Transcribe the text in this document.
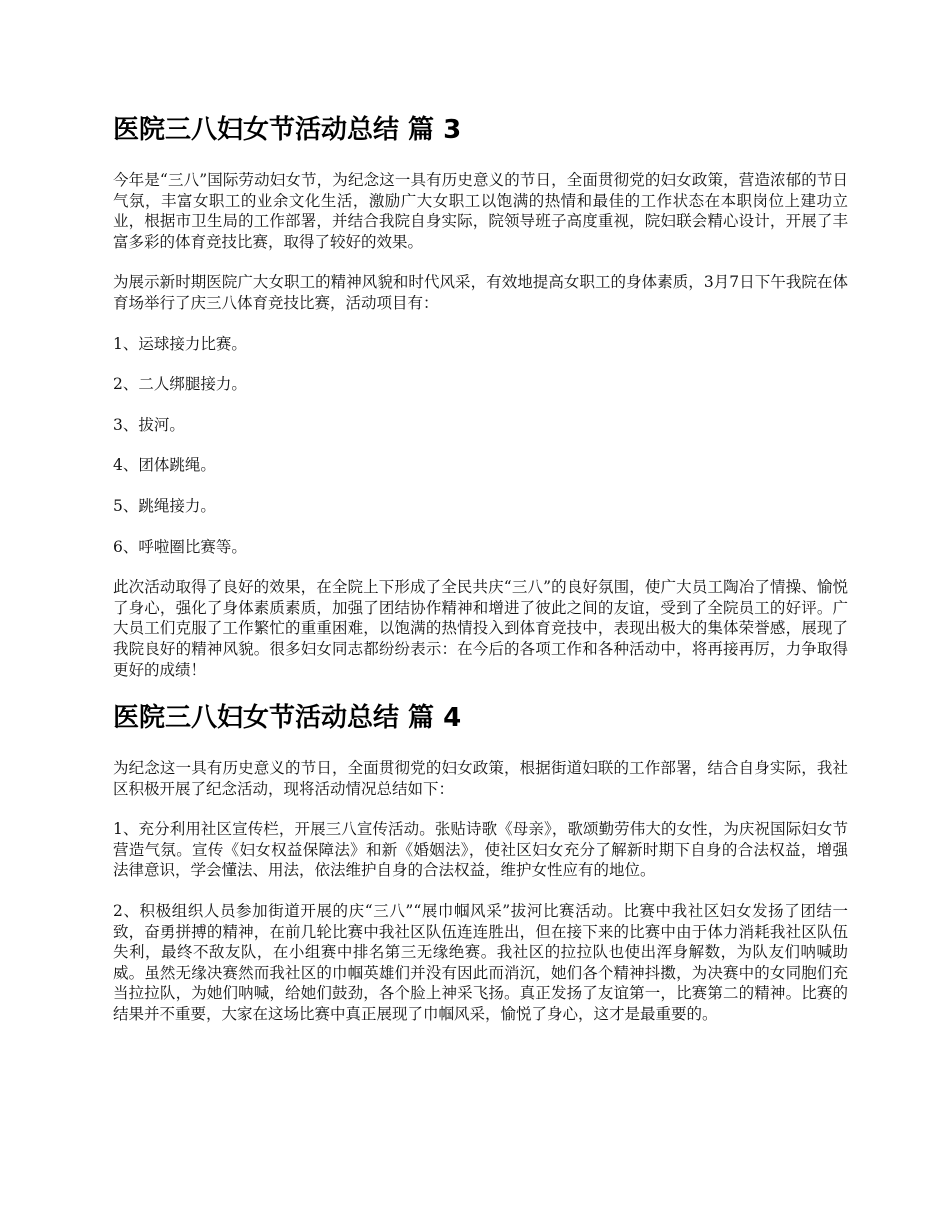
医院三八妇女节活动总结 篇 3

今年是“三八”国际劳动妇女节，为纪念这一具有历史意义的节日，全面贯彻党的妇女政策，营造浓郁的节日气氛，丰富女职工的业余文化生活，激励广大女职工以饱满的热情和最佳的工作状态在本职岗位上建功立业，根据市卫生局的工作部署，并结合我院自身实际，院领导班子高度重视，院妇联会精心设计，开展了丰富多彩的体育竞技比赛，取得了较好的效果。

为展示新时期医院广大女职工的精神风貌和时代风采，有效地提高女职工的身体素质，3月7日下午我院在体育场举行了庆三八体育竞技比赛，活动项目有：

1、运球接力比赛。

2、二人绑腿接力。

3、拔河。

4、团体跳绳。

5、跳绳接力。

6、呼啦圈比赛等。

此次活动取得了良好的效果，在全院上下形成了全民共庆“三八”的良好氛围，使广大员工陶冶了情操、愉悦了身心，强化了身体素质素质，加强了团结协作精神和增进了彼此之间的友谊，受到了全院员工的好评。广大员工们克服了工作繁忙的重重困难，以饱满的热情投入到体育竞技中，表现出极大的集体荣誉感，展现了我院良好的精神风貌。很多妇女同志都纷纷表示：在今后的各项工作和各种活动中，将再接再厉，力争取得更好的成绩！

医院三八妇女节活动总结 篇 4

为纪念这一具有历史意义的节日，全面贯彻党的妇女政策，根据街道妇联的工作部署，结合自身实际，我社区积极开展了纪念活动，现将活动情况总结如下：

1、充分利用社区宣传栏，开展三八宣传活动。张贴诗歌《母亲》，歌颂勤劳伟大的女性，为庆祝国际妇女节营造气氛。宣传《妇女权益保障法》和新《婚姻法》，使社区妇女充分了解新时期下自身的合法权益，增强法律意识，学会懂法、用法，依法维护自身的合法权益，维护女性应有的地位。

2、积极组织人员参加街道开展的庆“三八”“展巾帼风采”拔河比赛活动。比赛中我社区妇女发扬了团结一致，奋勇拼搏的精神，在前几轮比赛中我社区队伍连连胜出，但在接下来的比赛中由于体力消耗我社区队伍失利，最终不敌友队，在小组赛中排名第三无缘绝赛。我社区的拉拉队也使出浑身解数，为队友们呐喊助威。虽然无缘决赛然而我社区的巾帼英雄们并没有因此而消沉，她们各个精神抖擞，为决赛中的女同胞们充当拉拉队，为她们呐喊，给她们鼓劲，各个脸上神采飞扬。真正发扬了友谊第一，比赛第二的精神。比赛的结果并不重要，大家在这场比赛中真正展现了巾帼风采，愉悦了身心，这才是最重要的。
